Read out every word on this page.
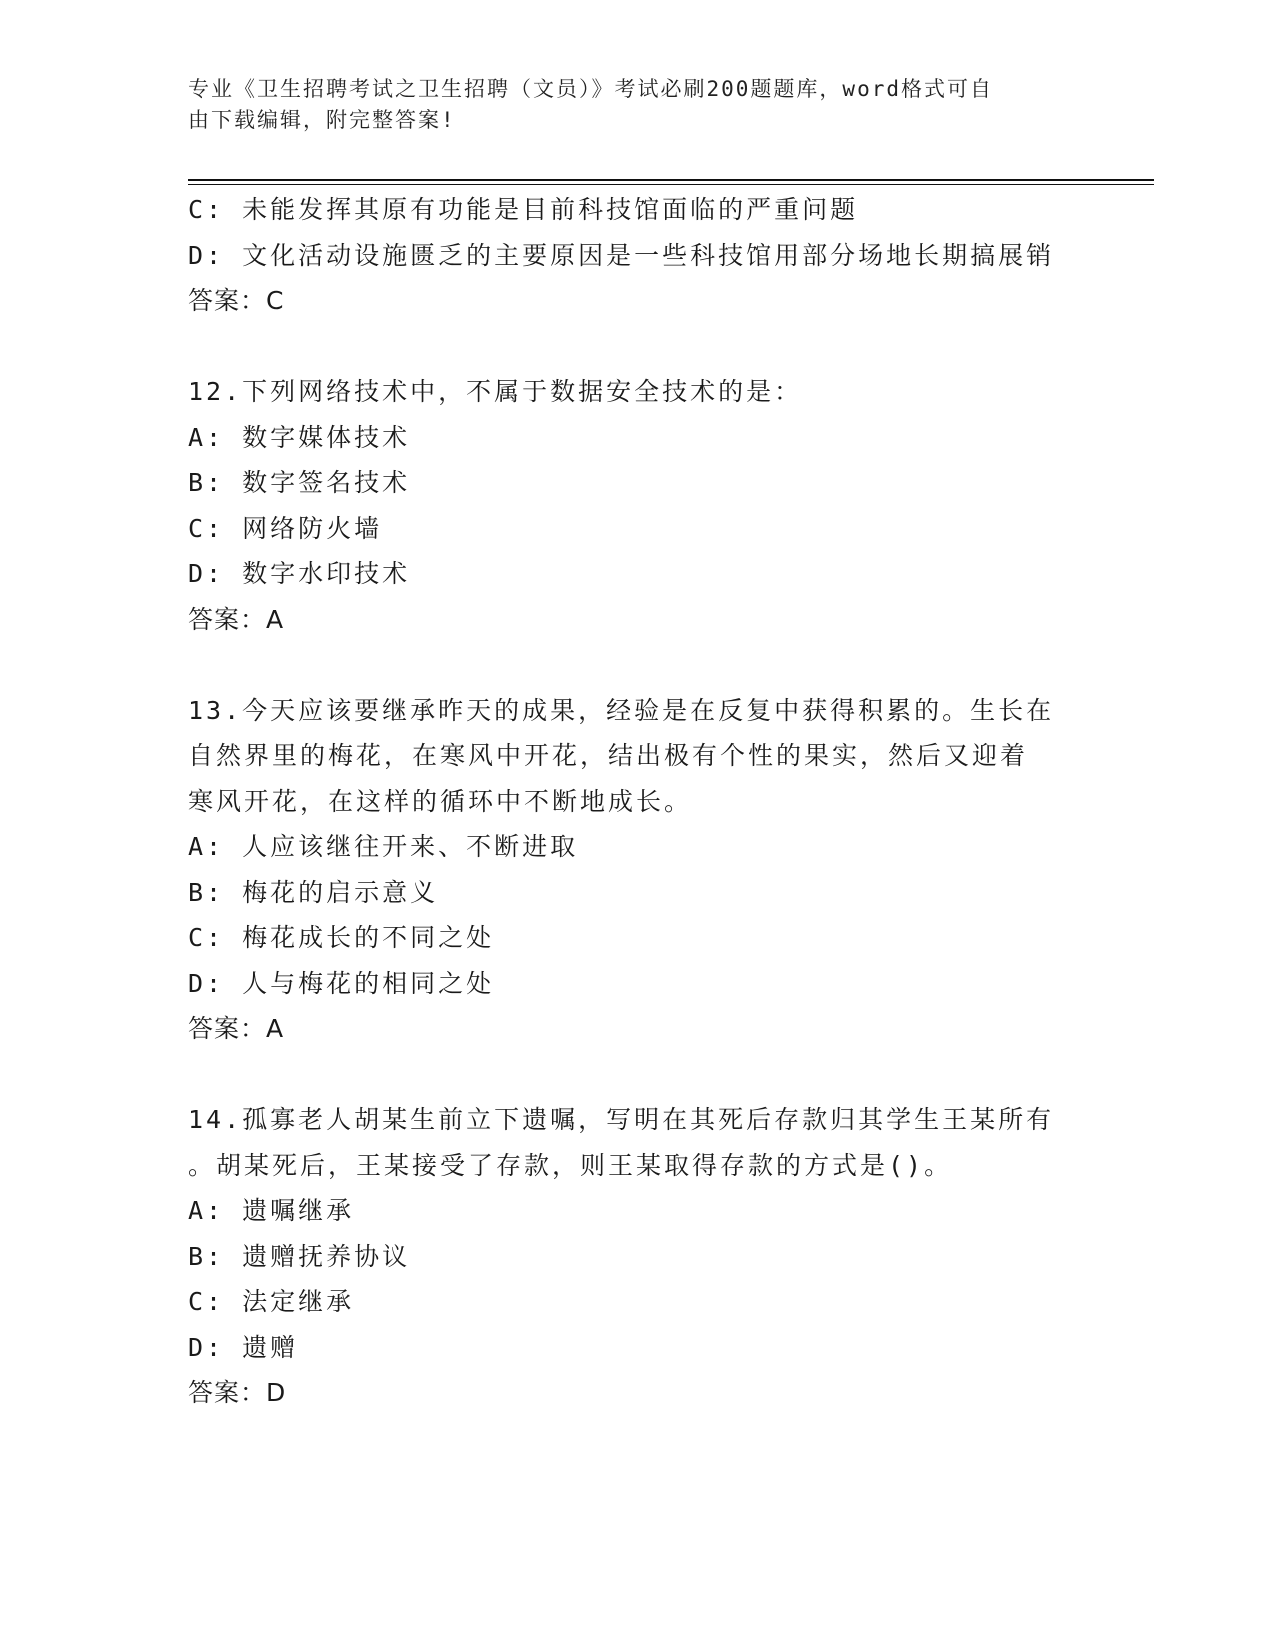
专业《卫生招聘考试之卫生招聘（文员）》考试必刷200题题库，word格式可自
由下载编辑，附完整答案!
C: 未能发挥其原有功能是目前科技馆面临的严重问题
D: 文化活动设施匮乏的主要原因是一些科技馆用部分场地长期搞展销
答案：C
12.下列网络技术中，不属于数据安全技术的是：
A: 数字媒体技术
B: 数字签名技术
C: 网络防火墙
D: 数字水印技术
答案：A
13.今天应该要继承昨天的成果，经验是在反复中获得积累的。生长在
自然界里的梅花，在寒风中开花，结出极有个性的果实，然后又迎着
寒风开花，在这样的循环中不断地成长。
A: 人应该继往开来、不断进取
B: 梅花的启示意义
C: 梅花成长的不同之处
D: 人与梅花的相同之处
答案：A
14.孤寡老人胡某生前立下遗嘱，写明在其死后存款归其学生王某所有
。胡某死后，王某接受了存款，则王某取得存款的方式是()。
A: 遗嘱继承
B: 遗赠抚养协议
C: 法定继承
D: 遗赠
答案：D
